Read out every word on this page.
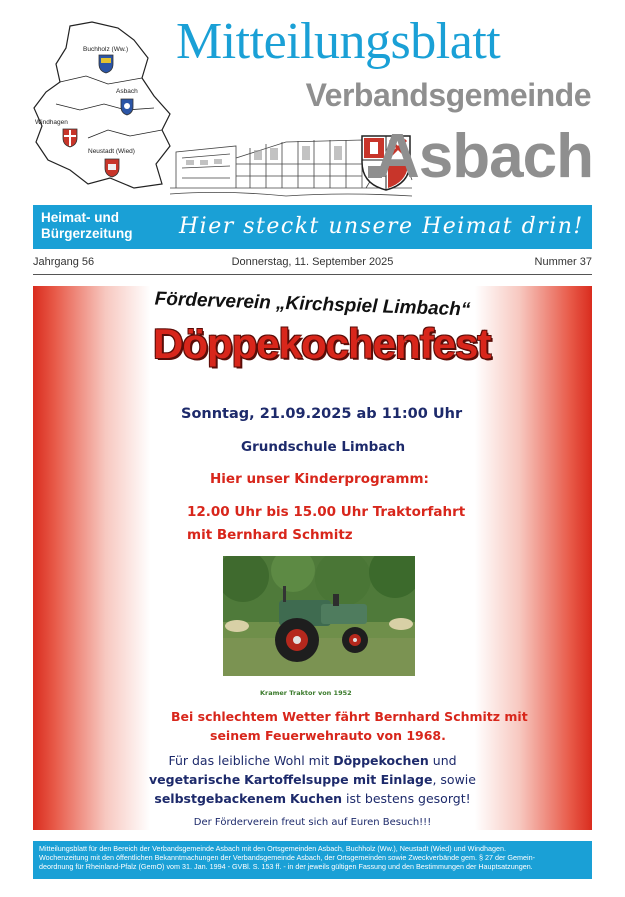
Buchholz (Ww.)
Asbach
Windhagen
Neustadt (Wied)
Mitteilungsblatt
Verbandsgemeinde
Asbach
Heimat- und
Bürgerzeitung Hier steckt unsere Heimat drin!
Jahrgang 56	Donnerstag, 11. September 2025	Nummer 37
Förderverein „Kirchspiel Limbach“
Döppekochenfest
Sonntag, 21.09.2025 ab 11:00 Uhr
Grundschule Limbach
Hier unser Kinderprogramm:
12.00 Uhr bis 15.00 Uhr Traktorfahrt
mit Bernhard Schmitz
Kramer Traktor von 1952
Bei schlechtem Wetter fährt Bernhard Schmitz mit
seinem Feuerwehrauto von 1968.
Für das leibliche Wohl mit Döppekochen und vegetarische Kartoffelsuppe mit Einlage, sowie selbstgebackenem Kuchen ist bestens gesorgt!
Der Förderverein freut sich auf Euren Besuch!!!

Mitteilungsblatt für den Bereich der Verbandsgemeinde Asbach mit den Ortsgemeinden Asbach, Buchholz (Ww.), Neustadt (Wied) und Windhagen.

Wochenzeitung mit den öffentlichen Bekanntmachungen der Verbandsgemeinde Asbach, der Ortsgemeinden sowie Zweckverbände gem. § 27 der Gemein-

deordnung für Rheinland-Pfalz (GemO) vom 31. Jan. 1994 - GVBl. S. 153 ff. - in der jeweils gültigen Fassung und den Bestimmungen der Hauptsatzungen.
